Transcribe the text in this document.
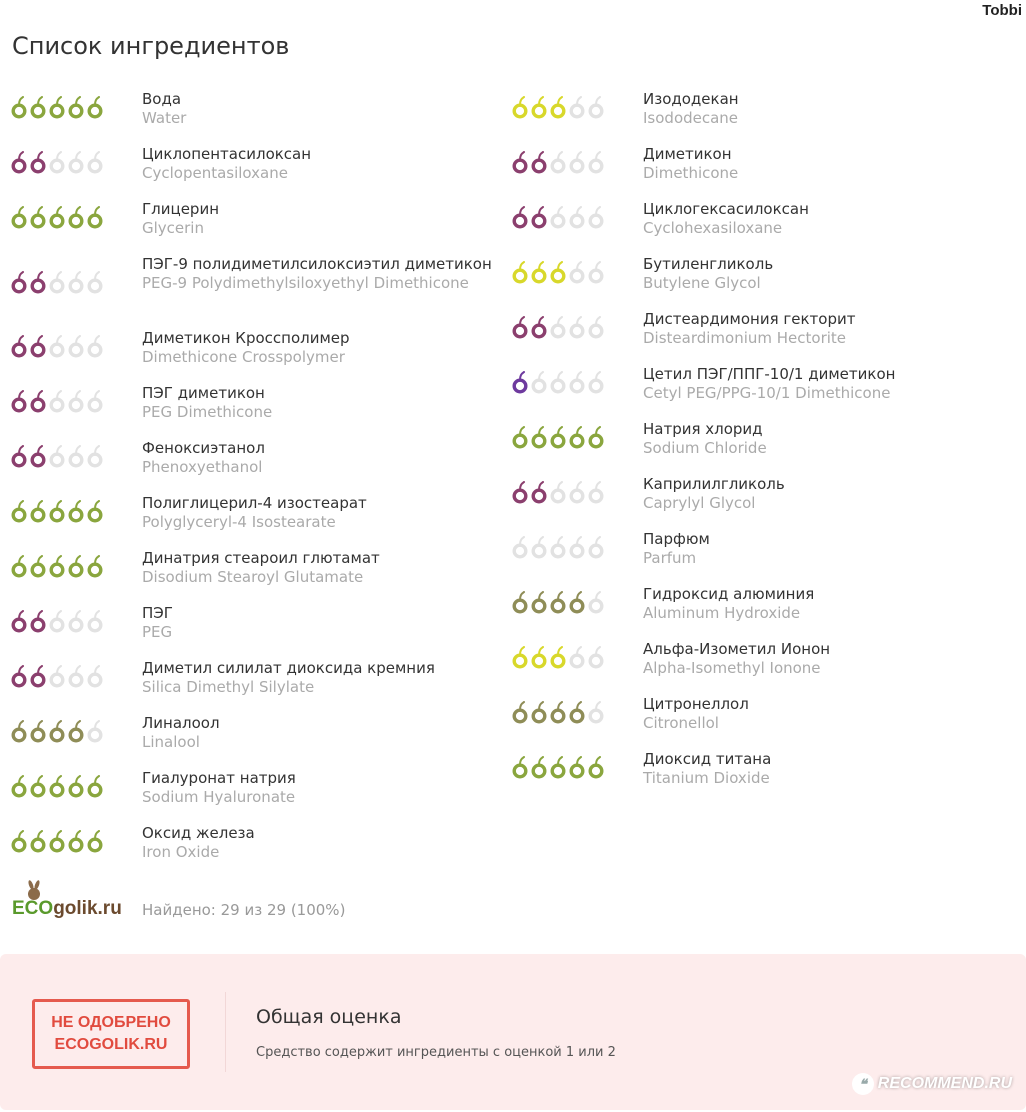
Tobbi
Список ингредиентов
Вода
Water
Циклопентасилоксан
Cyclopentasiloxane
Глицерин
Glycerin
ПЭГ-9 полидиметилсилоксиэтил диметикон
PEG-9 Polydimethylsiloxyethyl Dimethicone
Диметикон Кроссполимер
Dimethicone Crosspolymer
ПЭГ диметикон
PEG Dimethicone
Феноксиэтанол
Phenoxyethanol
Полиглицерил-4 изостеарат
Polyglyceryl-4 Isostearate
Динатрия стеароил глютамат
Disodium Stearoyl Glutamate
ПЭГ
PEG
Диметил силилат диоксида кремния
Silica Dimethyl Silylate
Линалоол
Linalool
Гиалуронат натрия
Sodium Hyaluronate
Оксид железа
Iron Oxide
Изододекан
Isododecane
Диметикон
Dimethicone
Циклогексасилоксан
Cyclohexasiloxane
Бутиленгликоль
Butylene Glycol
Дистеардимония гекторит
Disteardimonium Hectorite
Цетил ПЭГ/ППГ-10/1 диметикон
Cetyl PEG/PPG-10/1 Dimethicone
Натрия хлорид
Sodium Chloride
Каприлилгликоль
Caprylyl Glycol
Парфюм
Parfum
Гидроксид алюминия
Aluminum Hydroxide
Альфа-Изометил Ионон
Alpha-Isomethyl Ionone
Цитронеллол
Citronellol
Диоксид титана
Titanium Dioxide
ECOgolik.ru Найдено: 29 из 29 (100%)
НЕ ОДОБРЕНО
ECOGOLIK.RU
Общая оценка
Средство содержит ингредиенты с оценкой 1 или 2
❝ RECOMMEND.RU
